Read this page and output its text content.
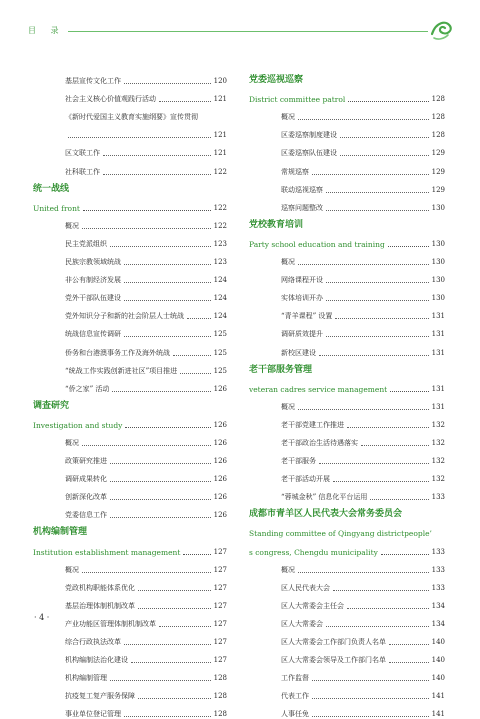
目 录
基层宣传文化工作	120
社会主义核心价值观践行活动	121
《新时代爱国主义教育实施纲要》宣传贯彻
121
区文联工作	121
社科联工作	122
统一战线
United front	122
概况	122
民主党派组织	123
民族宗教领域统战	123
非公有制经济发展	124
党外干部队伍建设	124
党外知识分子和新的社会阶层人士统战	124
统战信息宣传调研	125
侨务和台港澳事务工作及海外统战	125
“统战工作实践创新进社区”项目推进	125
“侨之家” 活动	126
调查研究
Investigation and study	126
概况	126
政策研究推进	126
调研成果转化	126
创新深化改革	126
党委信息工作	126
机构编制管理
Institution establishment management	127
概况	127
党政机构职能体系优化	127
基层治理体制机制改革	127
产业功能区管理体制机制改革	127
综合行政执法改革	127
机构编制法治化建设	127
机构编制管理	128
抗疫复工复产服务保障	128
事业单位登记管理	128
党委巡视巡察
District committee patrol	128
概况	128
区委巡察制度建设	128
区委巡察队伍建设	129
常规巡察	129
联动巡视巡察	129
巡察问题整改	130
党校教育培训
Party school education and training	130
概况	130
网络课程开设	130
实体培训开办	130
“青羊课程” 设置	131
调研质效提升	131
新校区建设	131
老干部服务管理
veteran cadres service management	131
概况	131
老干部党建工作推进	132
老干部政治生活待遇落实	132
老干部服务	132
老干部活动开展	132
“蓉城金秋” 信息化平台运用	133
成都市青羊区人民代表大会常务委员会
Standing committee of Qingyang districtpeople’
s congress, Chengdu municipality	133
概况	133
区人民代表大会	133
区人大常委会主任会	134
区人大常委会	134
区人大常委会工作部门负责人名单	140
区人大常委会领导及工作部门名单	140
工作监督	140
代表工作	141
人事任免	141
· 4 ·
